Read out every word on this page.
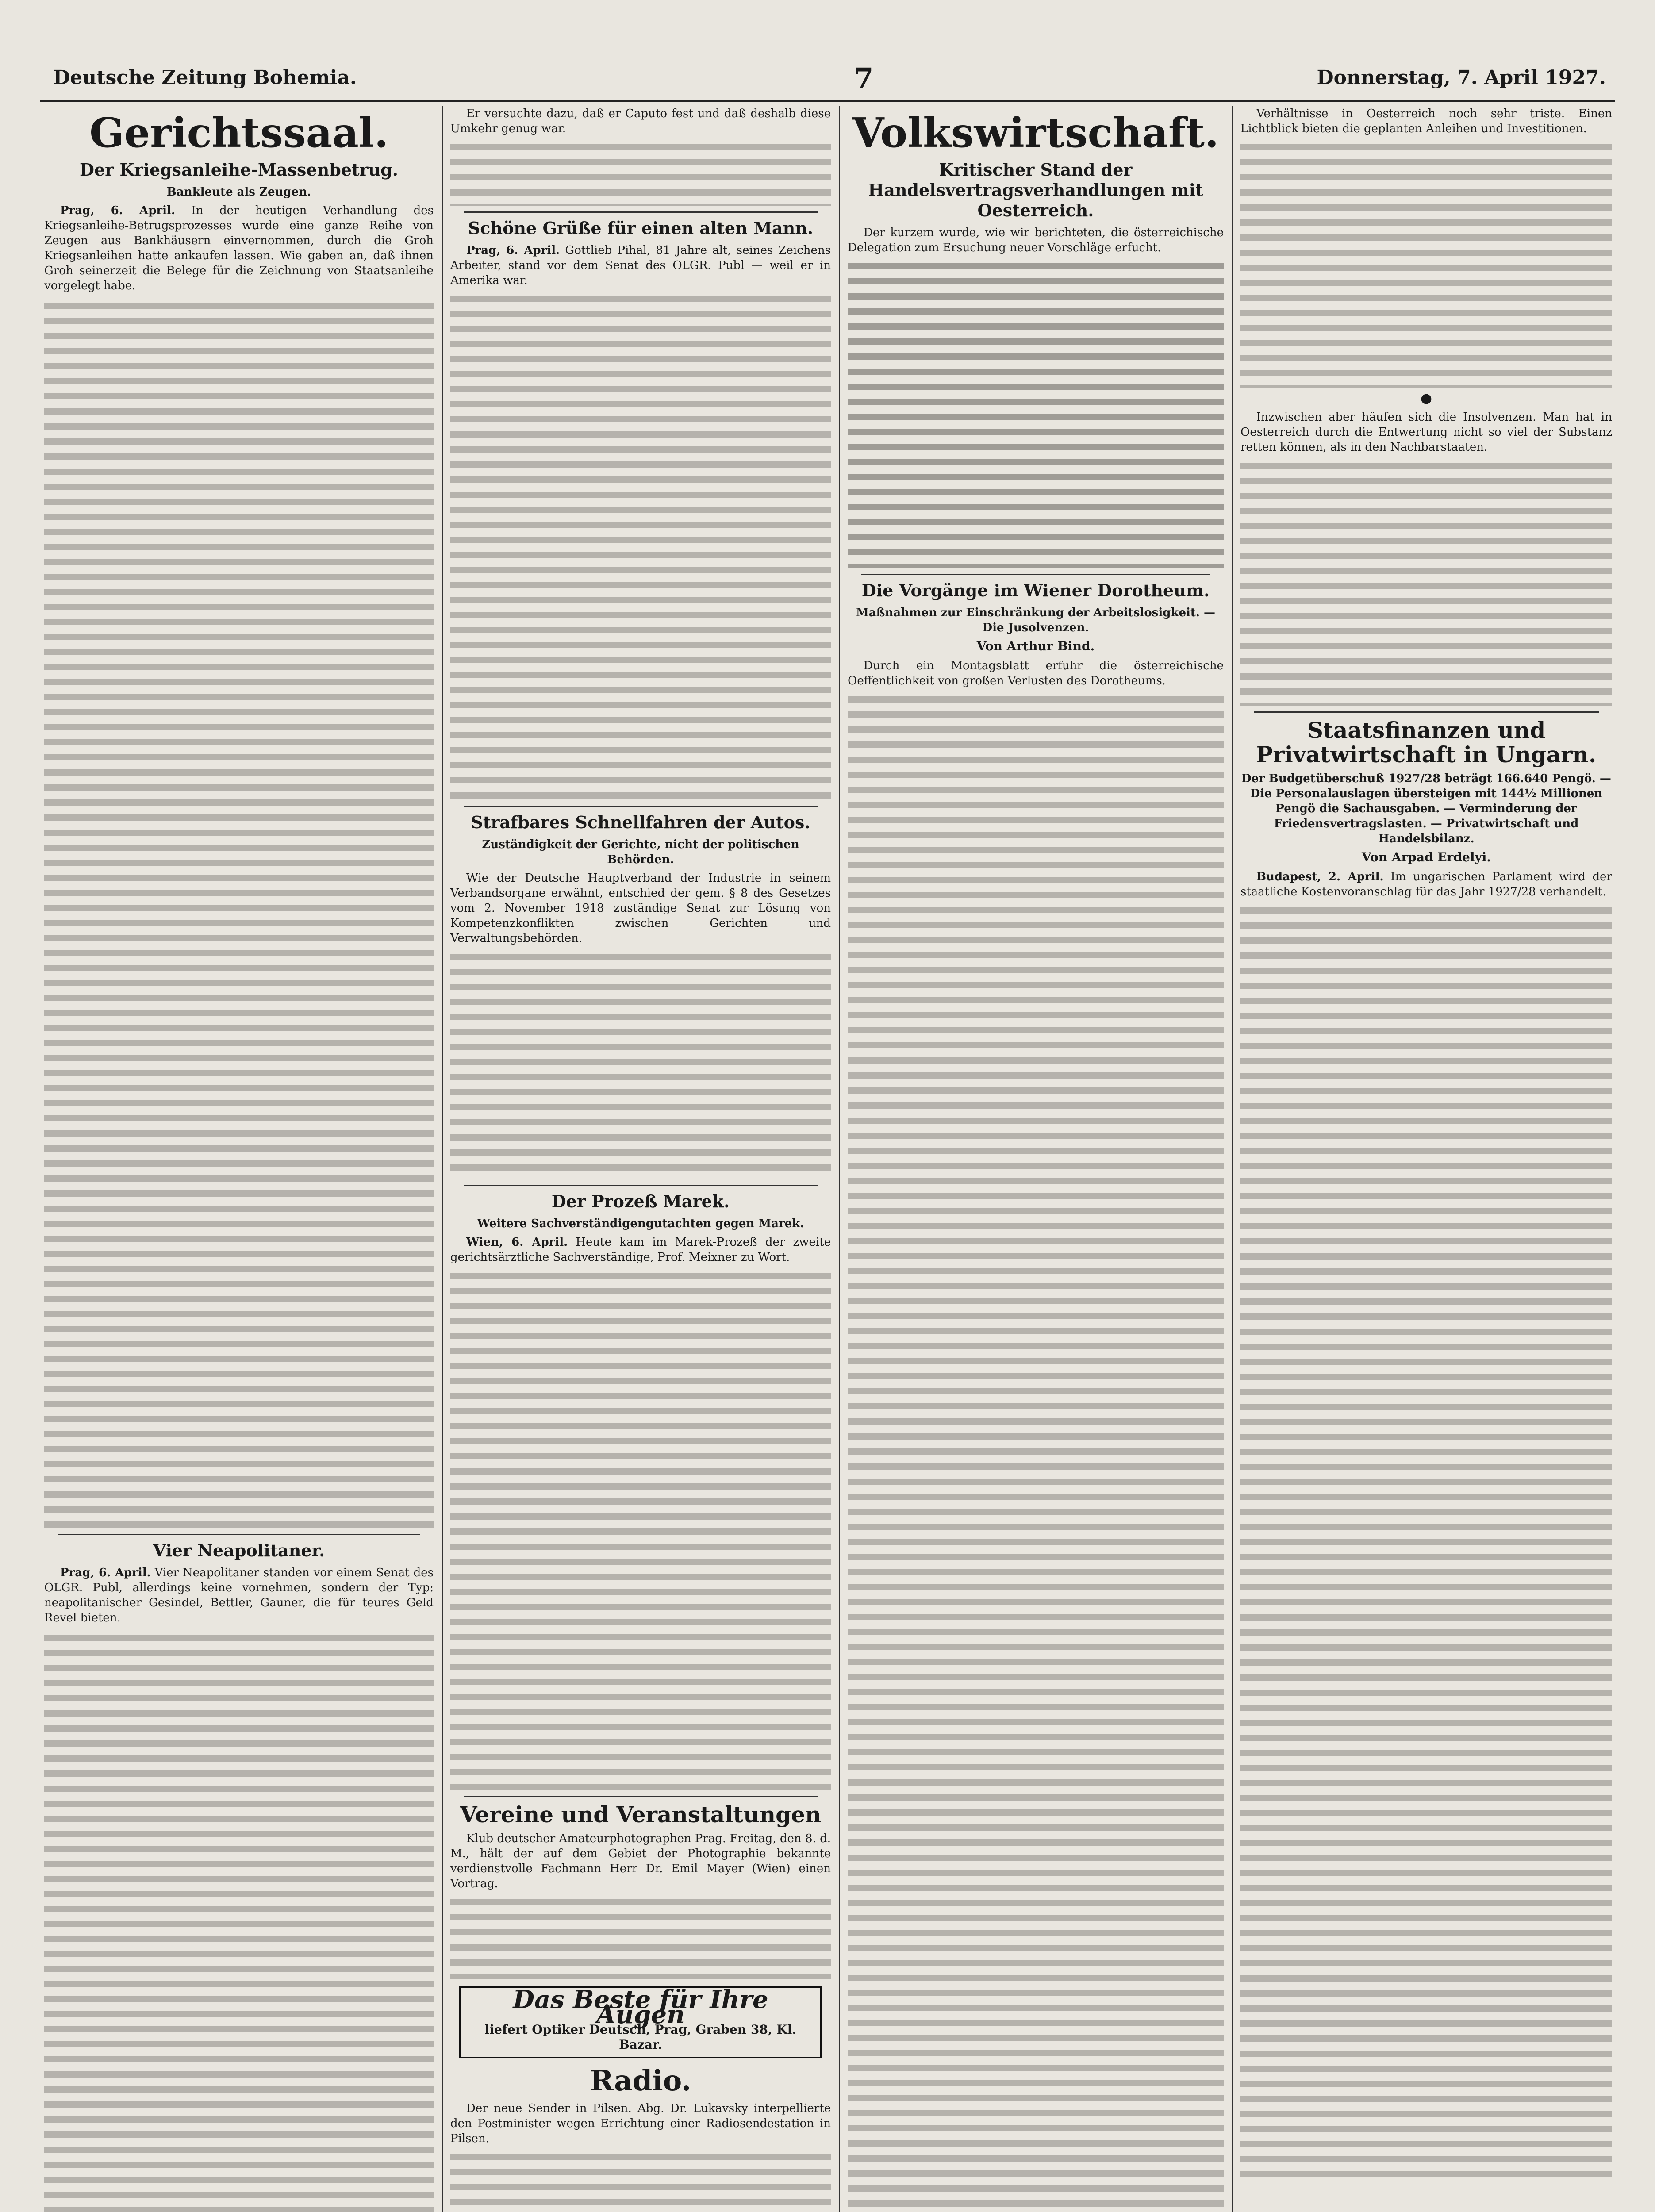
Deutsche Zeitung Bohemia.	7	Donnerstag, 7. April 1927.
Gerichtssaal.
Der Kriegsanleihe-Massenbetrug.
Bankleute als Zeugen.

Prag, 6. April. In der heutigen Verhandlung des Kriegsanleihe-Betrugsprozesses wurde eine ganze Reihe von Zeugen aus Bankhäusern einvernommen, durch die Groh Kriegsanleihen hatte ankaufen lassen. Wie gaben an, daß ihnen Groh seinerzeit die Belege für die Zeichnung von Staatsanleihe vorgelegt habe.

Vier Neapolitaner.

Prag, 6. April. Vier Neapolitaner standen vor einem Senat des OLGR. Publ, allerdings keine vornehmen, sondern der Typ: neapolitanischer Gesindel, Bettler, Gauner, die für teures Geld Revel bieten.

Er versuchte dazu, daß er Caputo fest und daß deshalb diese Umkehr genug war.

Schöne Grüße für einen alten Mann.

Prag, 6. April. Gottlieb Pihal, 81 Jahre alt, seines Zeichens Arbeiter, stand vor dem Senat des OLGR. Publ — weil er in Amerika war.

Strafbares Schnellfahren der Autos.
Zuständigkeit der Gerichte, nicht der politischen Behörden.

Wie der Deutsche Hauptverband der Industrie in seinem Verbandsorgane erwähnt, entschied der gem. § 8 des Gesetzes vom 2. November 1918 zuständige Senat zur Lösung von Kompetenzkonflikten zwischen Gerichten und Verwaltungsbehörden.

Der Prozeß Marek.
Weitere Sachverständigengutachten gegen Marek.

Wien, 6. April. Heute kam im Marek-Prozeß der zweite gerichtsärztliche Sachverständige, Prof. Meixner zu Wort.

Vereine und Veranstaltungen

Klub deutscher Amateurphotographen Prag. Freitag, den 8. d. M., hält der auf dem Gebiet der Photographie bekannte verdienstvolle Fachmann Herr Dr. Emil Mayer (Wien) einen Vortrag.

Das Beste für Ihre Augen
liefert Optiker Deutsch, Prag, Graben 38, Kl. Bazar.
Radio.

Der neue Sender in Pilsen. Abg. Dr. Lukavsky interpellierte den Postminister wegen Errichtung einer Radiosendestation in Pilsen.

Volkswirtschaft.
Kritischer Stand der Handelsvertragsverhandlungen mit Oesterreich.

Der kurzem wurde, wie wir berichteten, die österreichische Delegation zum Ersuchung neuer Vorschläge erfucht.

Die Vorgänge im Wiener Dorotheum.
Maßnahmen zur Einschränkung der Arbeitslosigkeit. — Die Jusolvenzen.
Von Arthur Bind.

Durch ein Montagsblatt erfuhr die österreichische Oeffentlichkeit von großen Verlusten des Dorotheums.

Verhältnisse in Oesterreich noch sehr triste. Einen Lichtblick bieten die geplanten Anleihen und Investitionen.

●

Inzwischen aber häufen sich die Insolvenzen. Man hat in Oesterreich durch die Entwertung nicht so viel der Substanz retten können, als in den Nachbarstaaten.

Staatsfinanzen und Privatwirtschaft in Ungarn.
Der Budgetüberschuß 1927/28 beträgt 166.640 Pengö. — Die Personalauslagen übersteigen mit 144½ Millionen Pengö die Sachausgaben. — Verminderung der Friedensvertragslasten. — Privatwirtschaft und Handelsbilanz.
Von Arpad Erdelyi.

Budapest, 2. April. Im ungarischen Parlament wird der staatliche Kostenvoranschlag für das Jahr 1927/28 verhandelt.
